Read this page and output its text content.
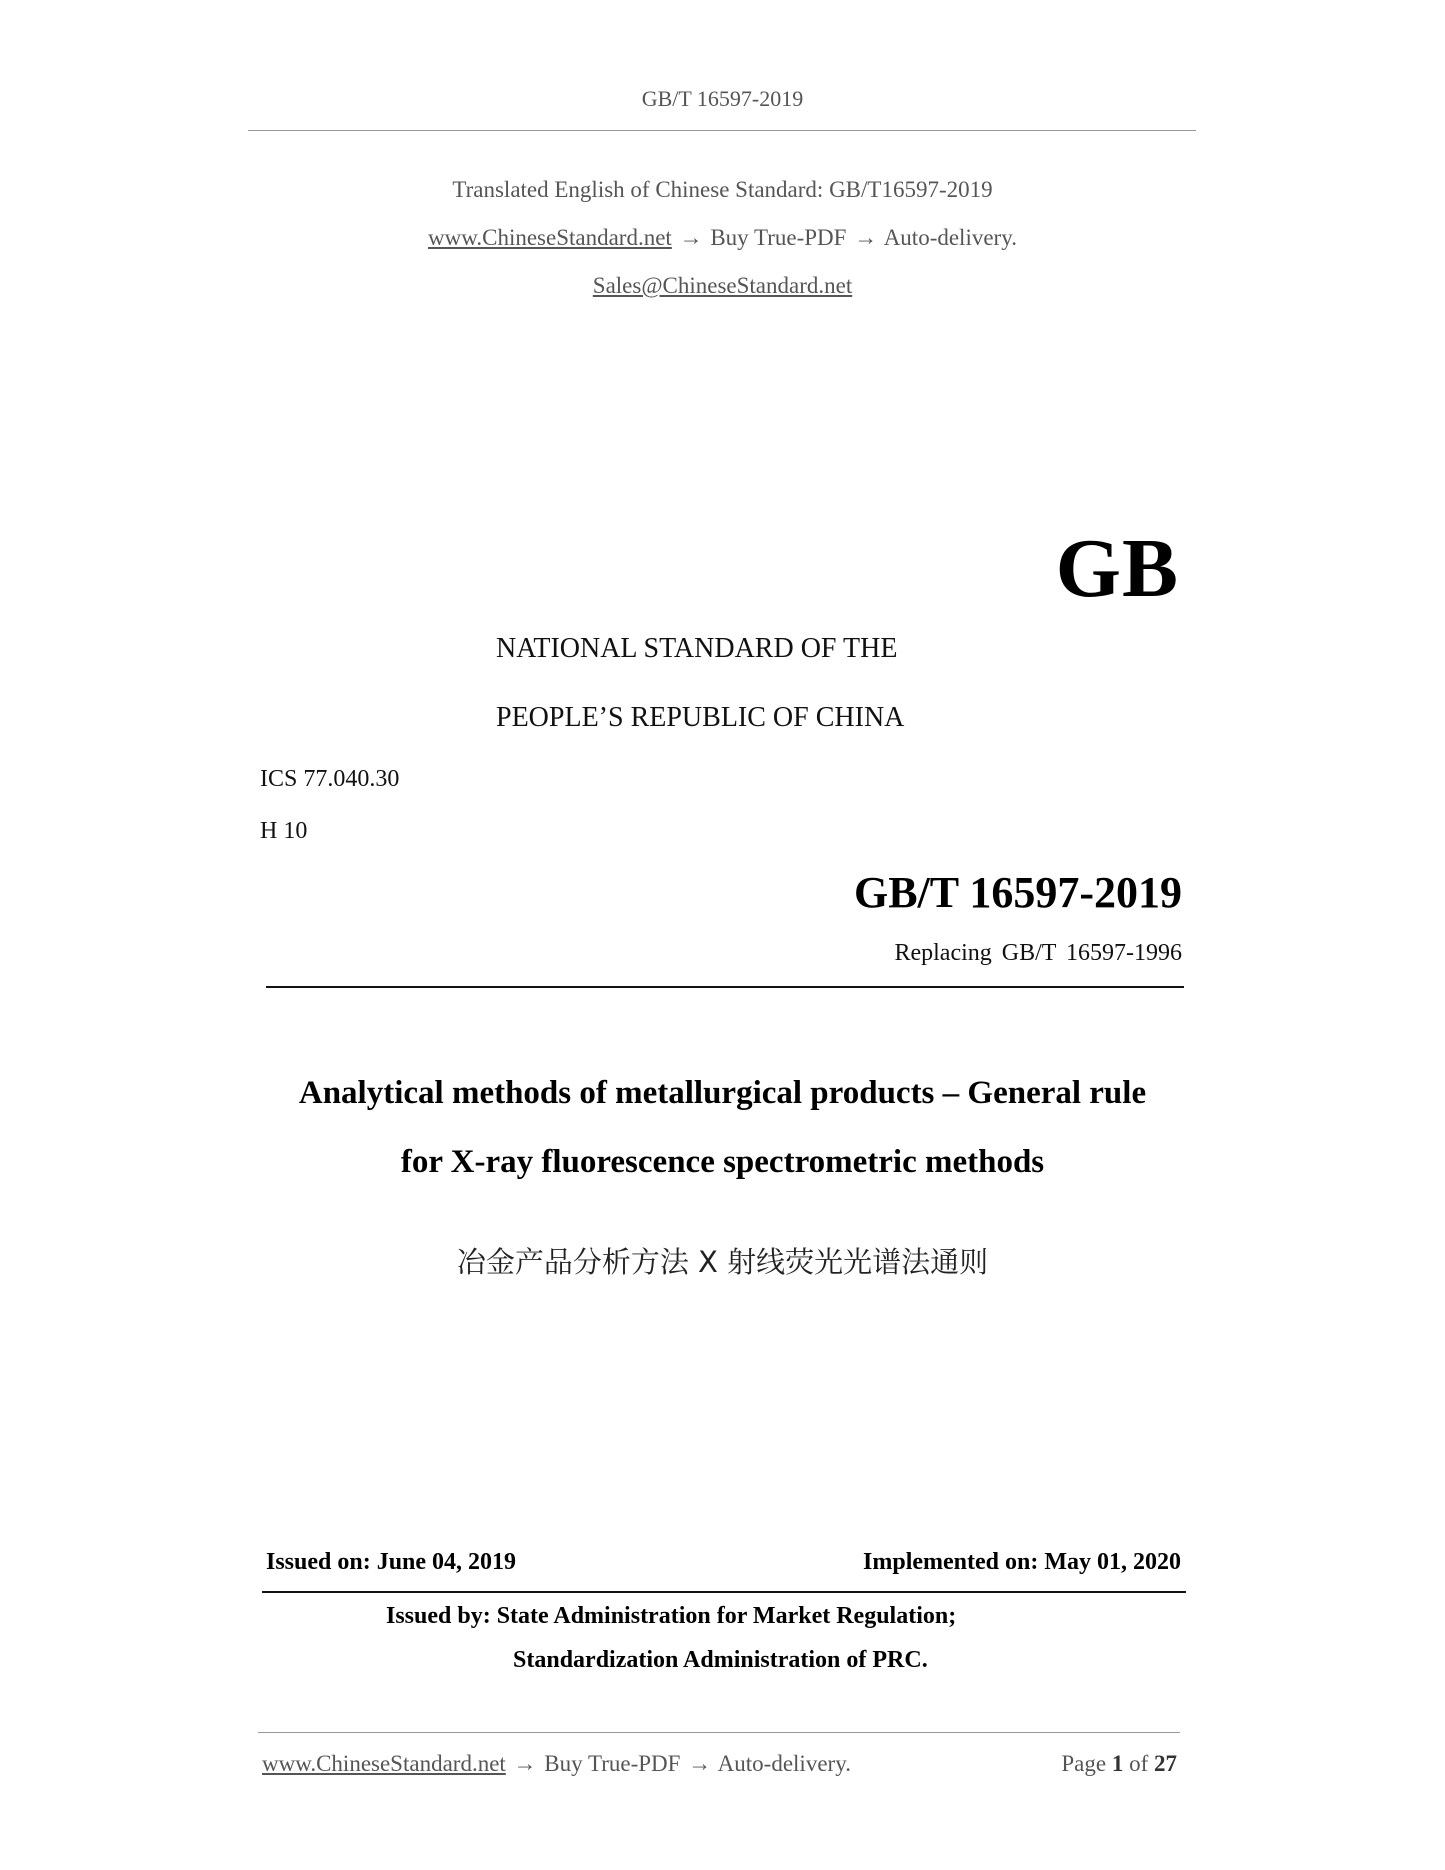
GB/T 16597-2019
Translated English of Chinese Standard: GB/T16597-2019
www.ChineseStandard.net → Buy True-PDF → Auto-delivery.
Sales@ChineseStandard.net
GB
NATIONAL STANDARD OF THE
PEOPLE’S REPUBLIC OF CHINA
ICS 77.040.30
H 10
GB/T 16597-2019
Replacing GB/T 16597-1996
Analytical methods of metallurgical products – General rule
for X-ray fluorescence spectrometric methods
冶金产品分析方法 X 射线荧光光谱法通则
Issued on: June 04, 2019	Implemented on: May 01, 2020
Issued by: State Administration for Market Regulation;
Standardization Administration of PRC.
www.ChineseStandard.net → Buy True-PDF → Auto-delivery.	Page 1 of 27
